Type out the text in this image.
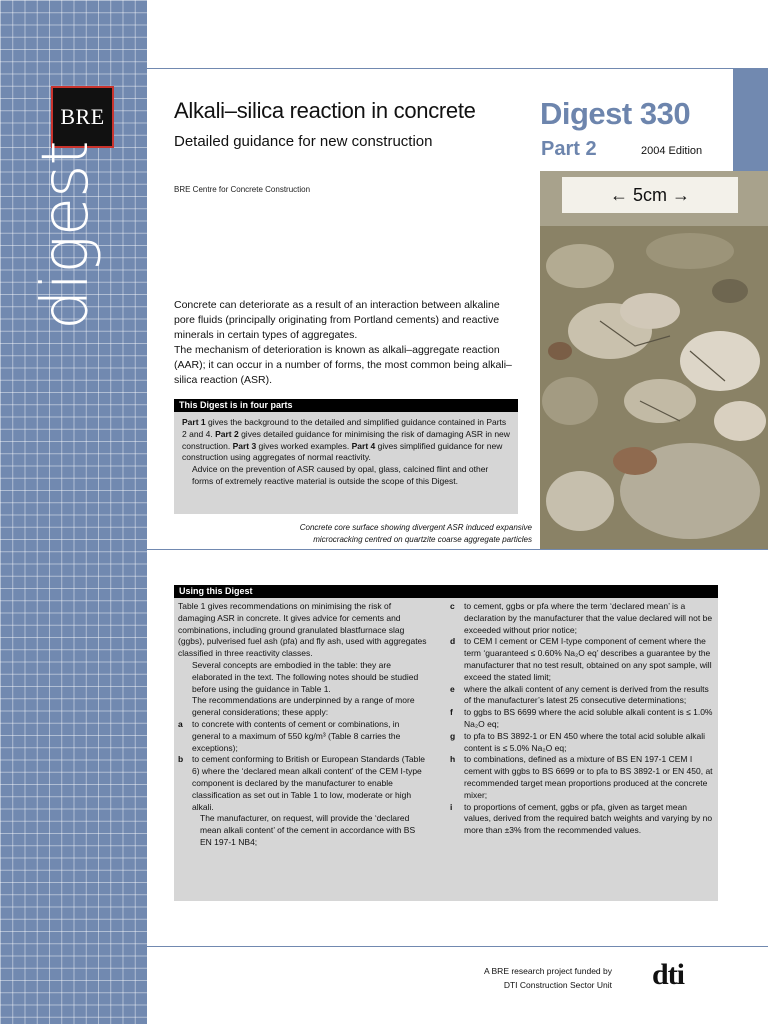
BRE
digest
Alkali–silica reaction in concrete
Detailed guidance for new construction
Digest 330
Part 2	2004 Edition
BRE Centre for Concrete Construction	← 5cm →
Concrete can deteriorate as a result of an interaction between alkaline pore fluids (principally originating from Portland cements) and reactive minerals in certain types of aggregates.
The mechanism of deterioration is known as alkali–aggregate reaction (AAR); it can occur in a number of forms, the most common being alkali–silica reaction (ASR).
This Digest is in four parts

Part 1 gives the background to the detailed and simplified guidance contained in Parts 2 and 4. Part 2 gives detailed guidance for minimising the risk of damaging ASR in new construction. Part 3 gives worked examples. Part 4 gives simplified guidance for new construction using aggregates of normal reactivity.

Advice on the prevention of ASR caused by opal, glass, calcined flint and other forms of extremely reactive material is outside the scope of this Digest.

Concrete core surface showing divergent ASR induced expansive
microcracking centred on quartzite coarse aggregate particles
Using this Digest

Table 1 gives recommendations on minimising the risk of damaging ASR in concrete. It gives advice for cements and combinations, including ground granulated blastfurnace slag (ggbs), pulverised fuel ash (pfa) and fly ash, used with aggregates classified in three reactivity classes.

Several concepts are embodied in the table: they are elaborated in the text. The following notes should be studied before using the guidance in Table 1.

The recommendations are underpinned by a range of more general considerations; these apply:

a	to concrete with contents of cement or combinations, in general to a maximum of 550 kg/m³ (Table 8 carries the exceptions);
b	to cement conforming to British or European Standards (Table 6) where the ‘declared mean alkali content’ of the CEM I-type component is declared by the manufacturer to enable classification as set out in Table 1 to low, moderate or high alkali.
The manufacturer, on request, will provide the ‘declared mean alkali content’ of the cement in accordance with BS EN 197-1 NB4;
c	to cement, ggbs or pfa where the term ‘declared mean’ is a declaration by the manufacturer that the value declared will not be exceeded without prior notice;
d	to CEM I cement or CEM I-type component of cement where the term ‘guaranteed ≤ 0.60% Na₂O eq’ describes a guarantee by the manufacturer that no test result, obtained on any spot sample, will exceed the stated limit;
e	where the alkali content of any cement is derived from the results of the manufacturer’s latest 25 consecutive determinations;
f	to ggbs to BS 6699 where the acid soluble alkali content is ≤ 1.0% Na₂O eq;
g	to pfa to BS 3892-1 or EN 450 where the total acid soluble alkali content is ≤ 5.0% Na₂O eq;
h	to combinations, defined as a mixture of BS EN 197-1 CEM I cement with ggbs to BS 6699 or to pfa to BS 3892-1 or EN 450, at recommended target mean proportions produced at the concrete mixer;
i	to proportions of cement, ggbs or pfa, given as target mean values, derived from the required batch weights and varying by no more than ±3% from the recommended values.
A BRE research project funded by
DTI Construction Sector Unit dti
